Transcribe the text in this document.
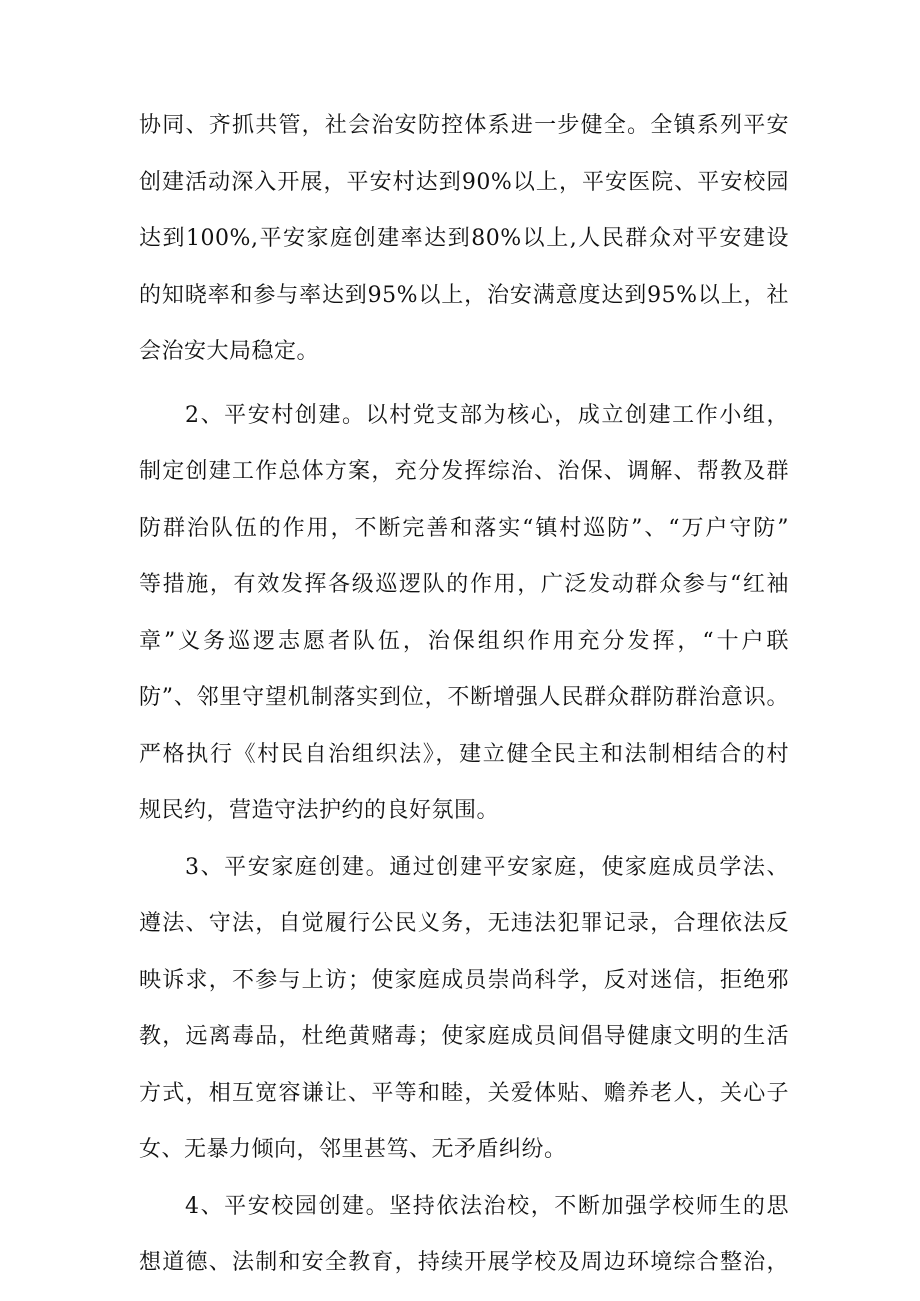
协同、齐抓共管，社会治安防控体系进一步健全。全镇系列平安
创建活动深入开展，平安村达到90%以上，平安医院、平安校园
达到100%,平安家庭创建率达到80%以上,人民群众对平安建设
的知晓率和参与率达到95%以上，治安满意度达到95%以上，社
会治安大局稳定。
2、平安村创建。以村党支部为核心，成立创建工作小组，
制定创建工作总体方案，充分发挥综治、治保、调解、帮教及群
防群治队伍的作用，不断完善和落实“镇村巡防”、“万户守防”
等措施，有效发挥各级巡逻队的作用，广泛发动群众参与“红袖
章”义务巡逻志愿者队伍，治保组织作用充分发挥，“十户联
防”、邻里守望机制落实到位，不断增强人民群众群防群治意识。
严格执行《村民自治组织法》，建立健全民主和法制相结合的村
规民约，营造守法护约的良好氛围。
3、平安家庭创建。通过创建平安家庭，使家庭成员学法、
遵法、守法，自觉履行公民义务，无违法犯罪记录，合理依法反
映诉求，不参与上访；使家庭成员崇尚科学，反对迷信，拒绝邪
教，远离毒品，杜绝黄赌毒；使家庭成员间倡导健康文明的生活
方式，相互宽容谦让、平等和睦，关爱体贴、赡养老人，关心子
女、无暴力倾向，邻里甚笃、无矛盾纠纷。
4、平安校园创建。坚持依法治校，不断加强学校师生的思
想道德、法制和安全教育，持续开展学校及周边环境综合整治，
